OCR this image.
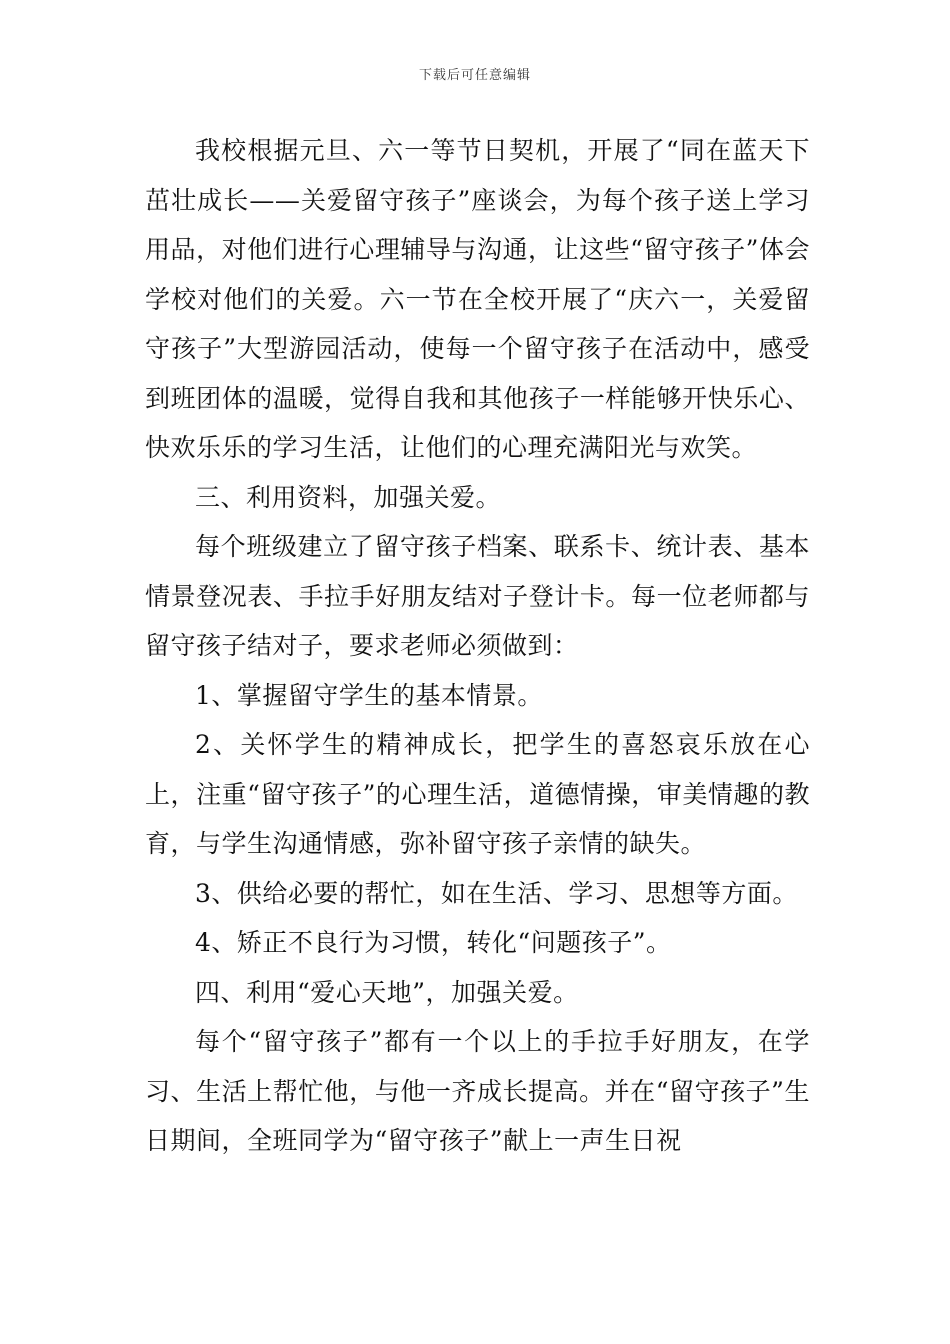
下载后可任意编辑

我校根据元旦、六一等节日契机，开展了“同在蓝天下茁壮成长——关爱留守孩子”座谈会，为每个孩子送上学习用品，对他们进行心理辅导与沟通，让这些“留守孩子”体会学校对他们的关爱。六一节在全校开展了“庆六一，关爱留守孩子”大型游园活动，使每一个留守孩子在活动中，感受到班团体的温暖，觉得自我和其他孩子一样能够开快乐心、快欢乐乐的学习生活，让他们的心理充满阳光与欢笑。

三、利用资料，加强关爱。

每个班级建立了留守孩子档案、联系卡、统计表、基本情景登况表、手拉手好朋友结对子登计卡。每一位老师都与留守孩子结对子，要求老师必须做到：

1、掌握留守学生的基本情景。

2、关怀学生的精神成长，把学生的喜怒哀乐放在心上，注重“留守孩子”的心理生活，道德情操，审美情趣的教育，与学生沟通情感，弥补留守孩子亲情的缺失。

3、供给必要的帮忙，如在生活、学习、思想等方面。

4、矫正不良行为习惯，转化“问题孩子”。

四、利用“爱心天地”，加强关爱。

每个“留守孩子”都有一个以上的手拉手好朋友，在学习、生活上帮忙他，与他一齐成长提高。并在“留守孩子”生日期间，全班同学为“留守孩子”献上一声生日祝
